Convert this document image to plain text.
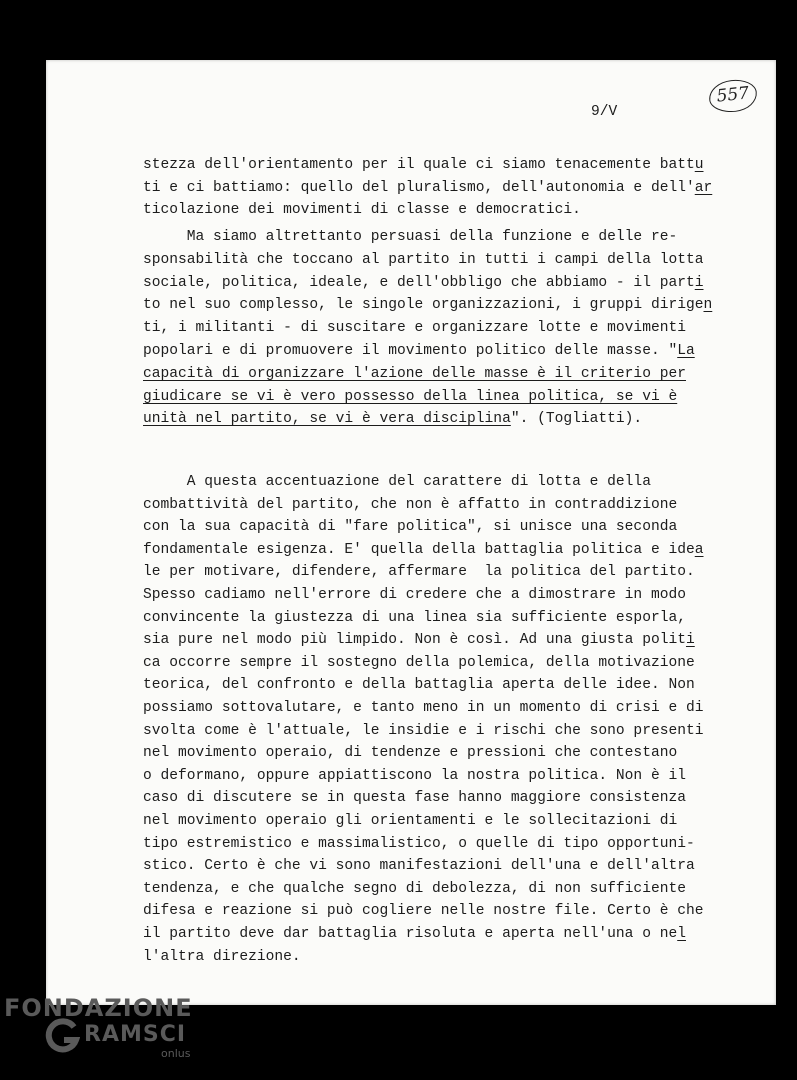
9/V
557
stezza dell'orientamento per il quale ci siamo tenacemente battu
ti e ci battiamo: quello del pluralismo, dell'autonomia e dell'ar
ticolazione dei movimenti di classe e democratici.
Ma siamo altrettanto persuasi della funzione e delle re-
sponsabilità che toccano al partito in tutti i campi della lotta
sociale, politica, ideale, e dell'obbligo che abbiamo - il parti
to nel suo complesso, le singole organizzazioni, i gruppi dirigen
ti, i militanti - di suscitare e organizzare lotte e movimenti
popolari e di promuovere il movimento politico delle masse. "La
capacità di organizzare l'azione delle masse è il criterio per
giudicare se vi è vero possesso della linea politica, se vi è
unità nel partito, se vi è vera disciplina". (Togliatti).
A questa accentuazione del carattere di lotta e della
combattività del partito, che non è affatto in contraddizione
con la sua capacità di "fare politica", si unisce una seconda
fondamentale esigenza. E' quella della battaglia politica e idea
le per motivare, difendere, affermare  la politica del partito.
Spesso cadiamo nell'errore di credere che a dimostrare in modo
convincente la giustezza di una linea sia sufficiente esporla,
sia pure nel modo più limpido. Non è così. Ad una giusta politi
ca occorre sempre il sostegno della polemica, della motivazione
teorica, del confronto e della battaglia aperta delle idee. Non
possiamo sottovalutare, e tanto meno in un momento di crisi e di
svolta come è l'attuale, le insidie e i rischi che sono presenti
nel movimento operaio, di tendenze e pressioni che contestano
o deformano, oppure appiattiscono la nostra politica. Non è il
caso di discutere se in questa fase hanno maggiore consistenza
nel movimento operaio gli orientamenti e le sollecitazioni di
tipo estremistico e massimalistico, o quelle di tipo opportuni-
stico. Certo è che vi sono manifestazioni dell'una e dell'altra
tendenza, e che qualche segno di debolezza, di non sufficiente
difesa e reazione si può cogliere nelle nostre file. Certo è che
il partito deve dar battaglia risoluta e aperta nell'una o nel
l'altra direzione.
FONDAZIONE
RAMSCI
onlus
